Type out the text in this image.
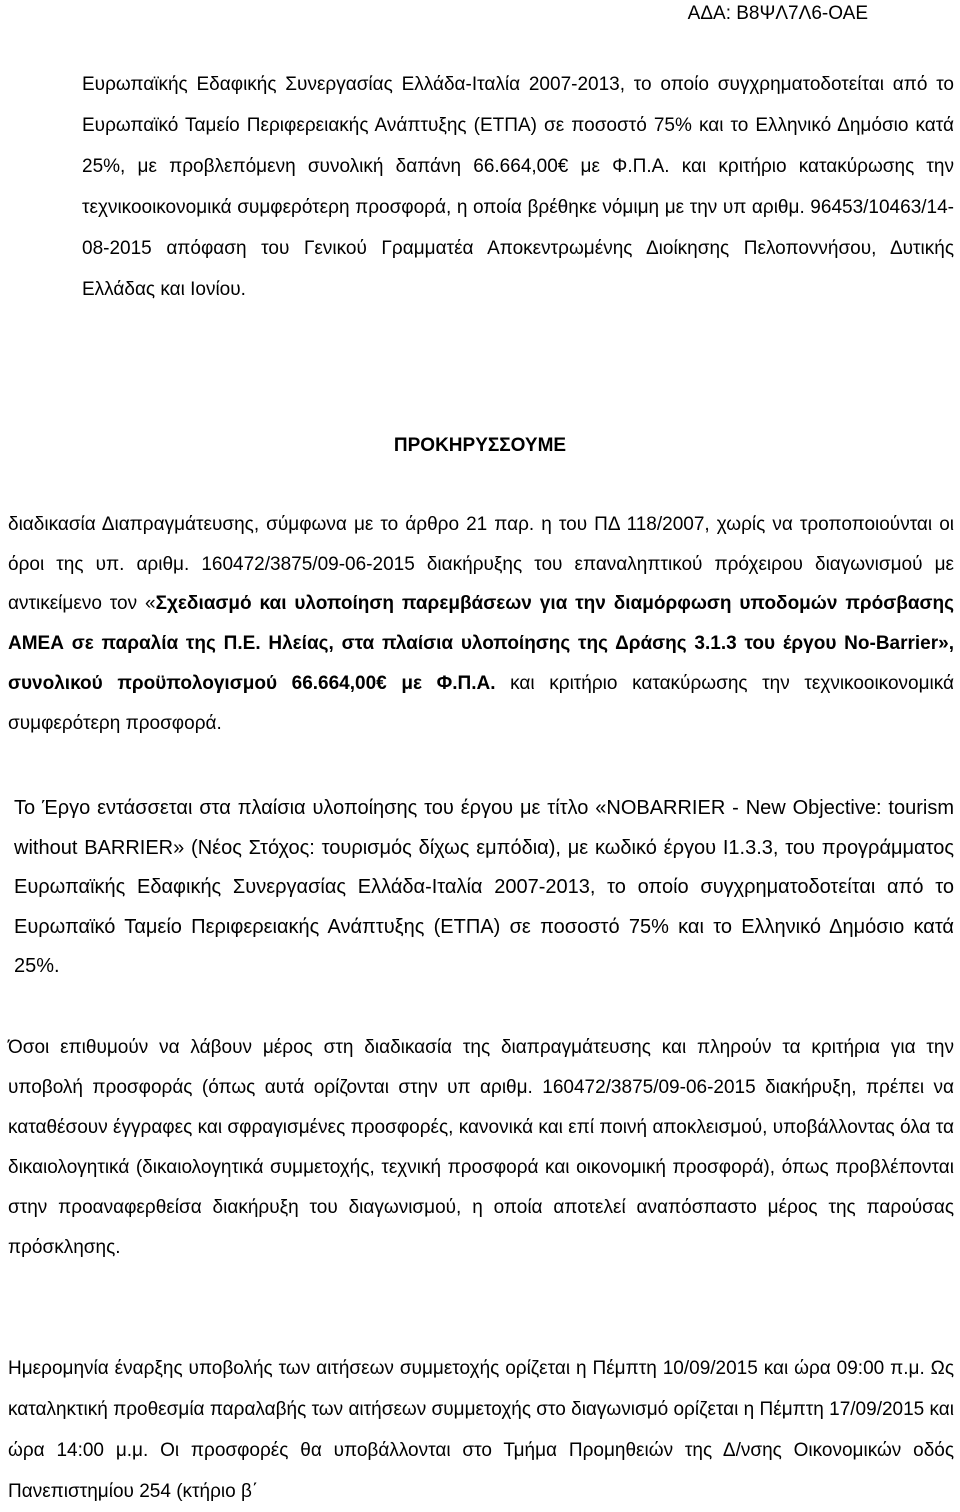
ΑΔΑ: Β8ΨΛ7Λ6-ΟΑΕ

Ευρωπαϊκής Εδαφικής Συνεργασίας Ελλάδα-Ιταλία 2007-2013, το οποίο συγχρηματοδοτείται από το Ευρωπαϊκό Ταμείο Περιφερειακής Ανάπτυξης (ΕΤΠΑ) σε ποσοστό 75% και το Ελληνικό Δημόσιο κατά 25%, με προβλεπόμενη συνολική δαπάνη 66.664,00€ με Φ.Π.Α. και κριτήριο κατακύρωσης την τεχνικοοικονομικά συμφερότερη προσφορά, η οποία βρέθηκε νόμιμη με την υπ αριθμ. 96453/10463/14-08-2015 απόφαση του Γενικού Γραμματέα Αποκεντρωμένης Διοίκησης Πελοποννήσου, Δυτικής Ελλάδας και Ιονίου.

ΠΡΟΚΗΡΥΣΣΟΥΜΕ

διαδικασία Διαπραγμάτευσης, σύμφωνα με το άρθρο 21 παρ. η του ΠΔ 118/2007, χωρίς να τροποποιούνται οι όροι της υπ. αριθμ. 160472/3875/09-06-2015 διακήρυξης του επαναληπτικού πρόχειρου διαγωνισμού με αντικείμενο τον «Σχεδιασμό και υλοποίηση παρεμβάσεων για την διαμόρφωση υποδομών πρόσβασης ΑΜΕΑ σε παραλία της Π.Ε. Ηλείας, στα πλαίσια υλοποίησης της Δράσης 3.1.3 του έργου No-Barrier», συνολικού προϋπολογισμού 66.664,00€ με Φ.Π.Α. και κριτήριο κατακύρωσης την τεχνικοοικονομικά συμφερότερη προσφορά.

Το Έργο εντάσσεται στα πλαίσια υλοποίησης του έργου με τίτλο «NOBARRIER - New Objective: tourism without BARRIER» (Νέος Στόχος: τουρισμός δίχως εμπόδια), με κωδικό έργου I1.3.3, του προγράμματος Ευρωπαϊκής Εδαφικής Συνεργασίας Ελλάδα-Ιταλία 2007-2013, το οποίο συγχρηματοδοτείται από το Ευρωπαϊκό Ταμείο Περιφερειακής Ανάπτυξης (ΕΤΠΑ) σε ποσοστό 75% και το Ελληνικό Δημόσιο κατά 25%.

Όσοι επιθυμούν να λάβουν μέρος στη διαδικασία της διαπραγμάτευσης και πληρούν τα κριτήρια για την υποβολή προσφοράς (όπως αυτά ορίζονται στην υπ αριθμ. 160472/3875/09-06-2015 διακήρυξη, πρέπει να καταθέσουν έγγραφες και σφραγισμένες προσφορές, κανονικά και επί ποινή αποκλεισμού, υποβάλλοντας όλα τα δικαιολογητικά (δικαιολογητικά συμμετοχής, τεχνική προσφορά και οικονομική προσφορά), όπως προβλέπονται στην προαναφερθείσα διακήρυξη του διαγωνισμού, η οποία αποτελεί αναπόσπαστο μέρος της παρούσας πρόσκλησης.

Ημερομηνία έναρξης υποβολής των αιτήσεων συμμετοχής ορίζεται η Πέμπτη 10/09/2015 και ώρα 09:00 π.μ. Ως καταληκτική προθεσμία παραλαβής των αιτήσεων συμμετοχής στο διαγωνισμό ορίζεται η Πέμπτη 17/09/2015 και ώρα 14:00 μ.μ. Οι προσφορές θα υποβάλλονται στο Τμήμα Προμηθειών της Δ/νσης Οικονομικών οδός Πανεπιστημίου 254 (κτήριο β΄
